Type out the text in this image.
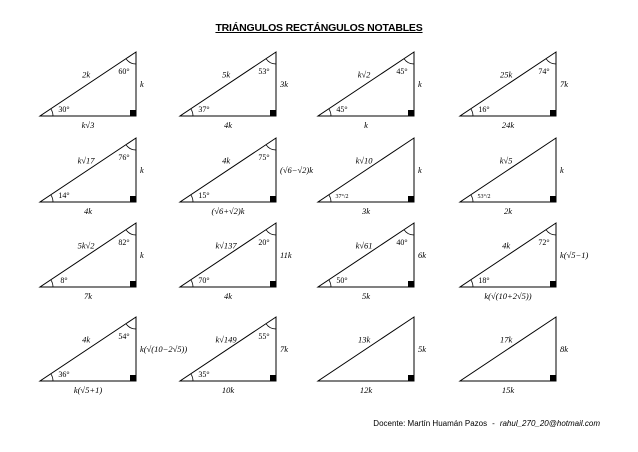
TRIÁNGULOS RECTÁNGULOS NOTABLES
30°
60°
2k
k√3
k
37°
53°
5k
4k
3k
45°
45°
k√2
k
k
16°
74°
25k
24k
7k
14°
76°
k√17
4k
k
15°
75°
4k
(√6+√2)k
(√6−√2)k
37°/2
k√10
3k
k
53°/2
k√5
2k
k
8°
82°
5k√2
7k
k
70°
20°
k√137
4k
11k
50°
40°
k√61
5k
6k
18°
72°
4k
k(√(10+2√5))
k(√5−1)
36°
54°
4k
k(√5+1)
k(√(10−2√5))
35°
55°
k√149
10k
7k
13k
12k
5k
17k
15k
8k
Docente: Martín Huamán Pazos - rahul_270_20@hotmail.com
